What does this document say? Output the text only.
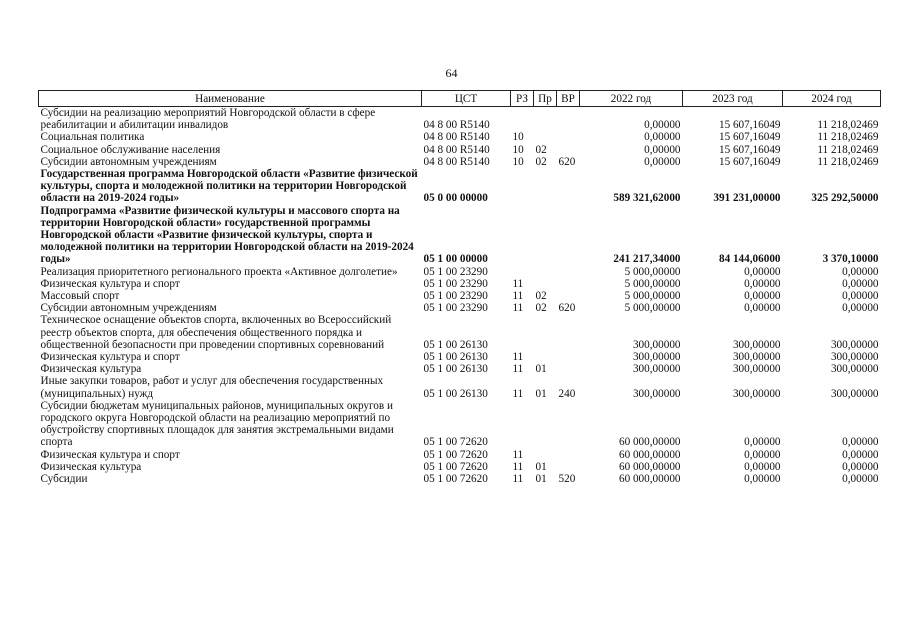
64
Наименование	ЦСТ	РЗ	Пр	ВР	2022 год	2023 год	2024 год
Субсидии на реализацию мероприятий Новгородской области в сфере реабилитации и абилитации инвалидов	04 8 00 R5140				0,00000	15 607,16049	11 218,02469
Социальная политика	04 8 00 R5140	10			0,00000	15 607,16049	11 218,02469
Социальное обслуживание населения	04 8 00 R5140	10	02		0,00000	15 607,16049	11 218,02469
Субсидии автономным учреждениям	04 8 00 R5140	10	02	620	0,00000	15 607,16049	11 218,02469
Государственная программа Новгородской области «Развитие физической культуры, спорта и молодежной политики на территории Новгородской области на 2019-2024 годы»	05 0 00 00000				589 321,62000	391 231,00000	325 292,50000
Подпрограмма «Развитие физической культуры и массового спорта на территории Новгородской области» государственной программы Новгородской области «Развитие физической культуры, спорта и молодежной политики на территории Новгородской области на 2019-2024 годы»	05 1 00 00000				241 217,34000	84 144,06000	3 370,10000
Реализация приоритетного регионального проекта «Активное долголетие»	05 1 00 23290				5 000,00000	0,00000	0,00000
Физическая культура и спорт	05 1 00 23290	11			5 000,00000	0,00000	0,00000
Массовый спорт	05 1 00 23290	11	02		5 000,00000	0,00000	0,00000
Субсидии автономным учреждениям	05 1 00 23290	11	02	620	5 000,00000	0,00000	0,00000
Техническое оснащение объектов спорта, включенных во Всероссийский реестр объектов спорта, для обеспечения общественного порядка и общественной безопасности при проведении спортивных соревнований	05 1 00 26130				300,00000	300,00000	300,00000
Физическая культура и спорт	05 1 00 26130	11			300,00000	300,00000	300,00000
Физическая культура	05 1 00 26130	11	01		300,00000	300,00000	300,00000
Иные закупки товаров, работ и услуг для обеспечения государственных (муниципальных) нужд	05 1 00 26130	11	01	240	300,00000	300,00000	300,00000
Субсидии бюджетам муниципальных районов, муниципальных округов и городского округа Новгородской области на реализацию мероприятий по обустройству спортивных площадок для занятия экстремальными видами спорта	05 1 00 72620				60 000,00000	0,00000	0,00000
Физическая культура и спорт	05 1 00 72620	11			60 000,00000	0,00000	0,00000
Физическая культура	05 1 00 72620	11	01		60 000,00000	0,00000	0,00000
Субсидии	05 1 00 72620	11	01	520	60 000,00000	0,00000	0,00000
